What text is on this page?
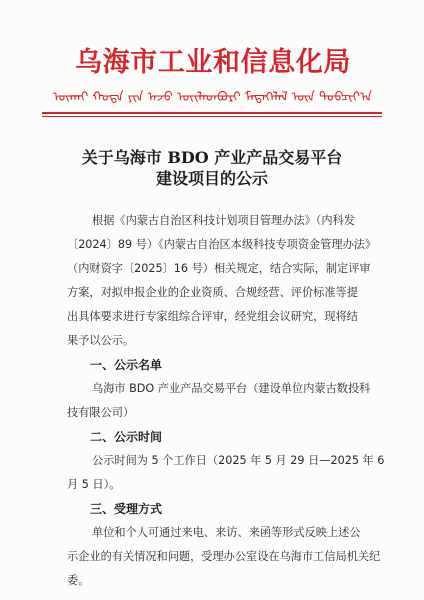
乌海市工业和信息化局
ᠦᠬᠠᠢ ᠬᠣᠲᠠ ᠶᠢᠨ ᠠᠵᠤ ᠦᠢᠯᠡᠳᠪᠦᠷᠢ ᠮᠡᠳᠡᠭᠡᠯᠡᠯ ᠦᠨ ᠲᠣᠪᠴᠢᠶ᠎ᠠ
关于乌海市 BDO 产业产品交易平台
建设项目的公示
根据《内蒙古自治区科技计划项目管理办法》（内科发
〔2024〕89 号）《内蒙古自治区本级科技专项资金管理办法》
（内财资字〔2025〕16 号）相关规定，结合实际，制定评审
方案，对拟申报企业的企业资质、合规经营、评价标准等提
出具体要求进行专家组综合评审，经党组会议研究，现将结
果予以公示。
一、公示名单
乌海市 BDO 产业产品交易平台（建设单位内蒙古数投科
技有限公司）
二、公示时间
公示时间为 5 个工作日（2025 年 5 月 29 日—2025 年 6
月 5 日）。
三、受理方式
单位和个人可通过来电、来访、来函等形式反映上述公
示企业的有关情况和问题，受理办公室设在乌海市工信局机关纪
委。
